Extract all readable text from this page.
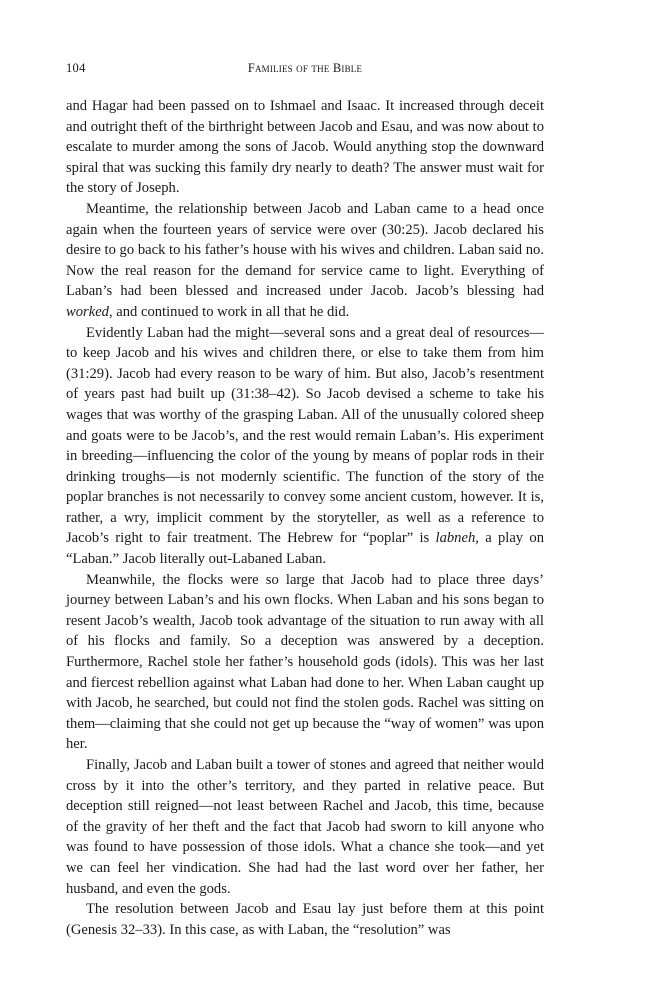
104	Families of the Bible

and Hagar had been passed on to Ishmael and Isaac. It increased through deceit and outright theft of the birthright between Jacob and Esau, and was now about to escalate to murder among the sons of Jacob. Would anything stop the downward spiral that was sucking this family dry nearly to death? The answer must wait for the story of Joseph.

Meantime, the relationship between Jacob and Laban came to a head once again when the fourteen years of service were over (30:25). Jacob declared his desire to go back to his father’s house with his wives and children. Laban said no. Now the real reason for the demand for service came to light. Everything of Laban’s had been blessed and increased under Jacob. Jacob’s blessing had worked, and continued to work in all that he did.

Evidently Laban had the might—several sons and a great deal of resources—to keep Jacob and his wives and children there, or else to take them from him (31:29). Jacob had every reason to be wary of him. But also, Jacob’s resentment of years past had built up (31:38–42). So Jacob devised a scheme to take his wages that was worthy of the grasping Laban. All of the unusually colored sheep and goats were to be Jacob’s, and the rest would remain Laban’s. His experiment in breeding—influencing the color of the young by means of poplar rods in their drinking troughs—is not modernly scientific. The function of the story of the poplar branches is not necessarily to convey some ancient custom, however. It is, rather, a wry, implicit comment by the storyteller, as well as a reference to Jacob’s right to fair treatment. The Hebrew for “poplar” is labneh, a play on “Laban.” Jacob literally out-Labaned Laban.

Meanwhile, the flocks were so large that Jacob had to place three days’ journey between Laban’s and his own flocks. When Laban and his sons began to resent Jacob’s wealth, Jacob took advantage of the situation to run away with all of his flocks and family. So a deception was answered by a deception. Furthermore, Rachel stole her father’s household gods (idols). This was her last and fiercest rebellion against what Laban had done to her. When Laban caught up with Jacob, he searched, but could not find the stolen gods. Rachel was sitting on them—claiming that she could not get up because the “way of women” was upon her.

Finally, Jacob and Laban built a tower of stones and agreed that neither would cross by it into the other’s territory, and they parted in relative peace. But deception still reigned—not least between Rachel and Jacob, this time, because of the gravity of her theft and the fact that Jacob had sworn to kill anyone who was found to have possession of those idols. What a chance she took—and yet we can feel her vindication. She had had the last word over her father, her husband, and even the gods.

The resolution between Jacob and Esau lay just before them at this point (Genesis 32–33). In this case, as with Laban, the “resolution” was
